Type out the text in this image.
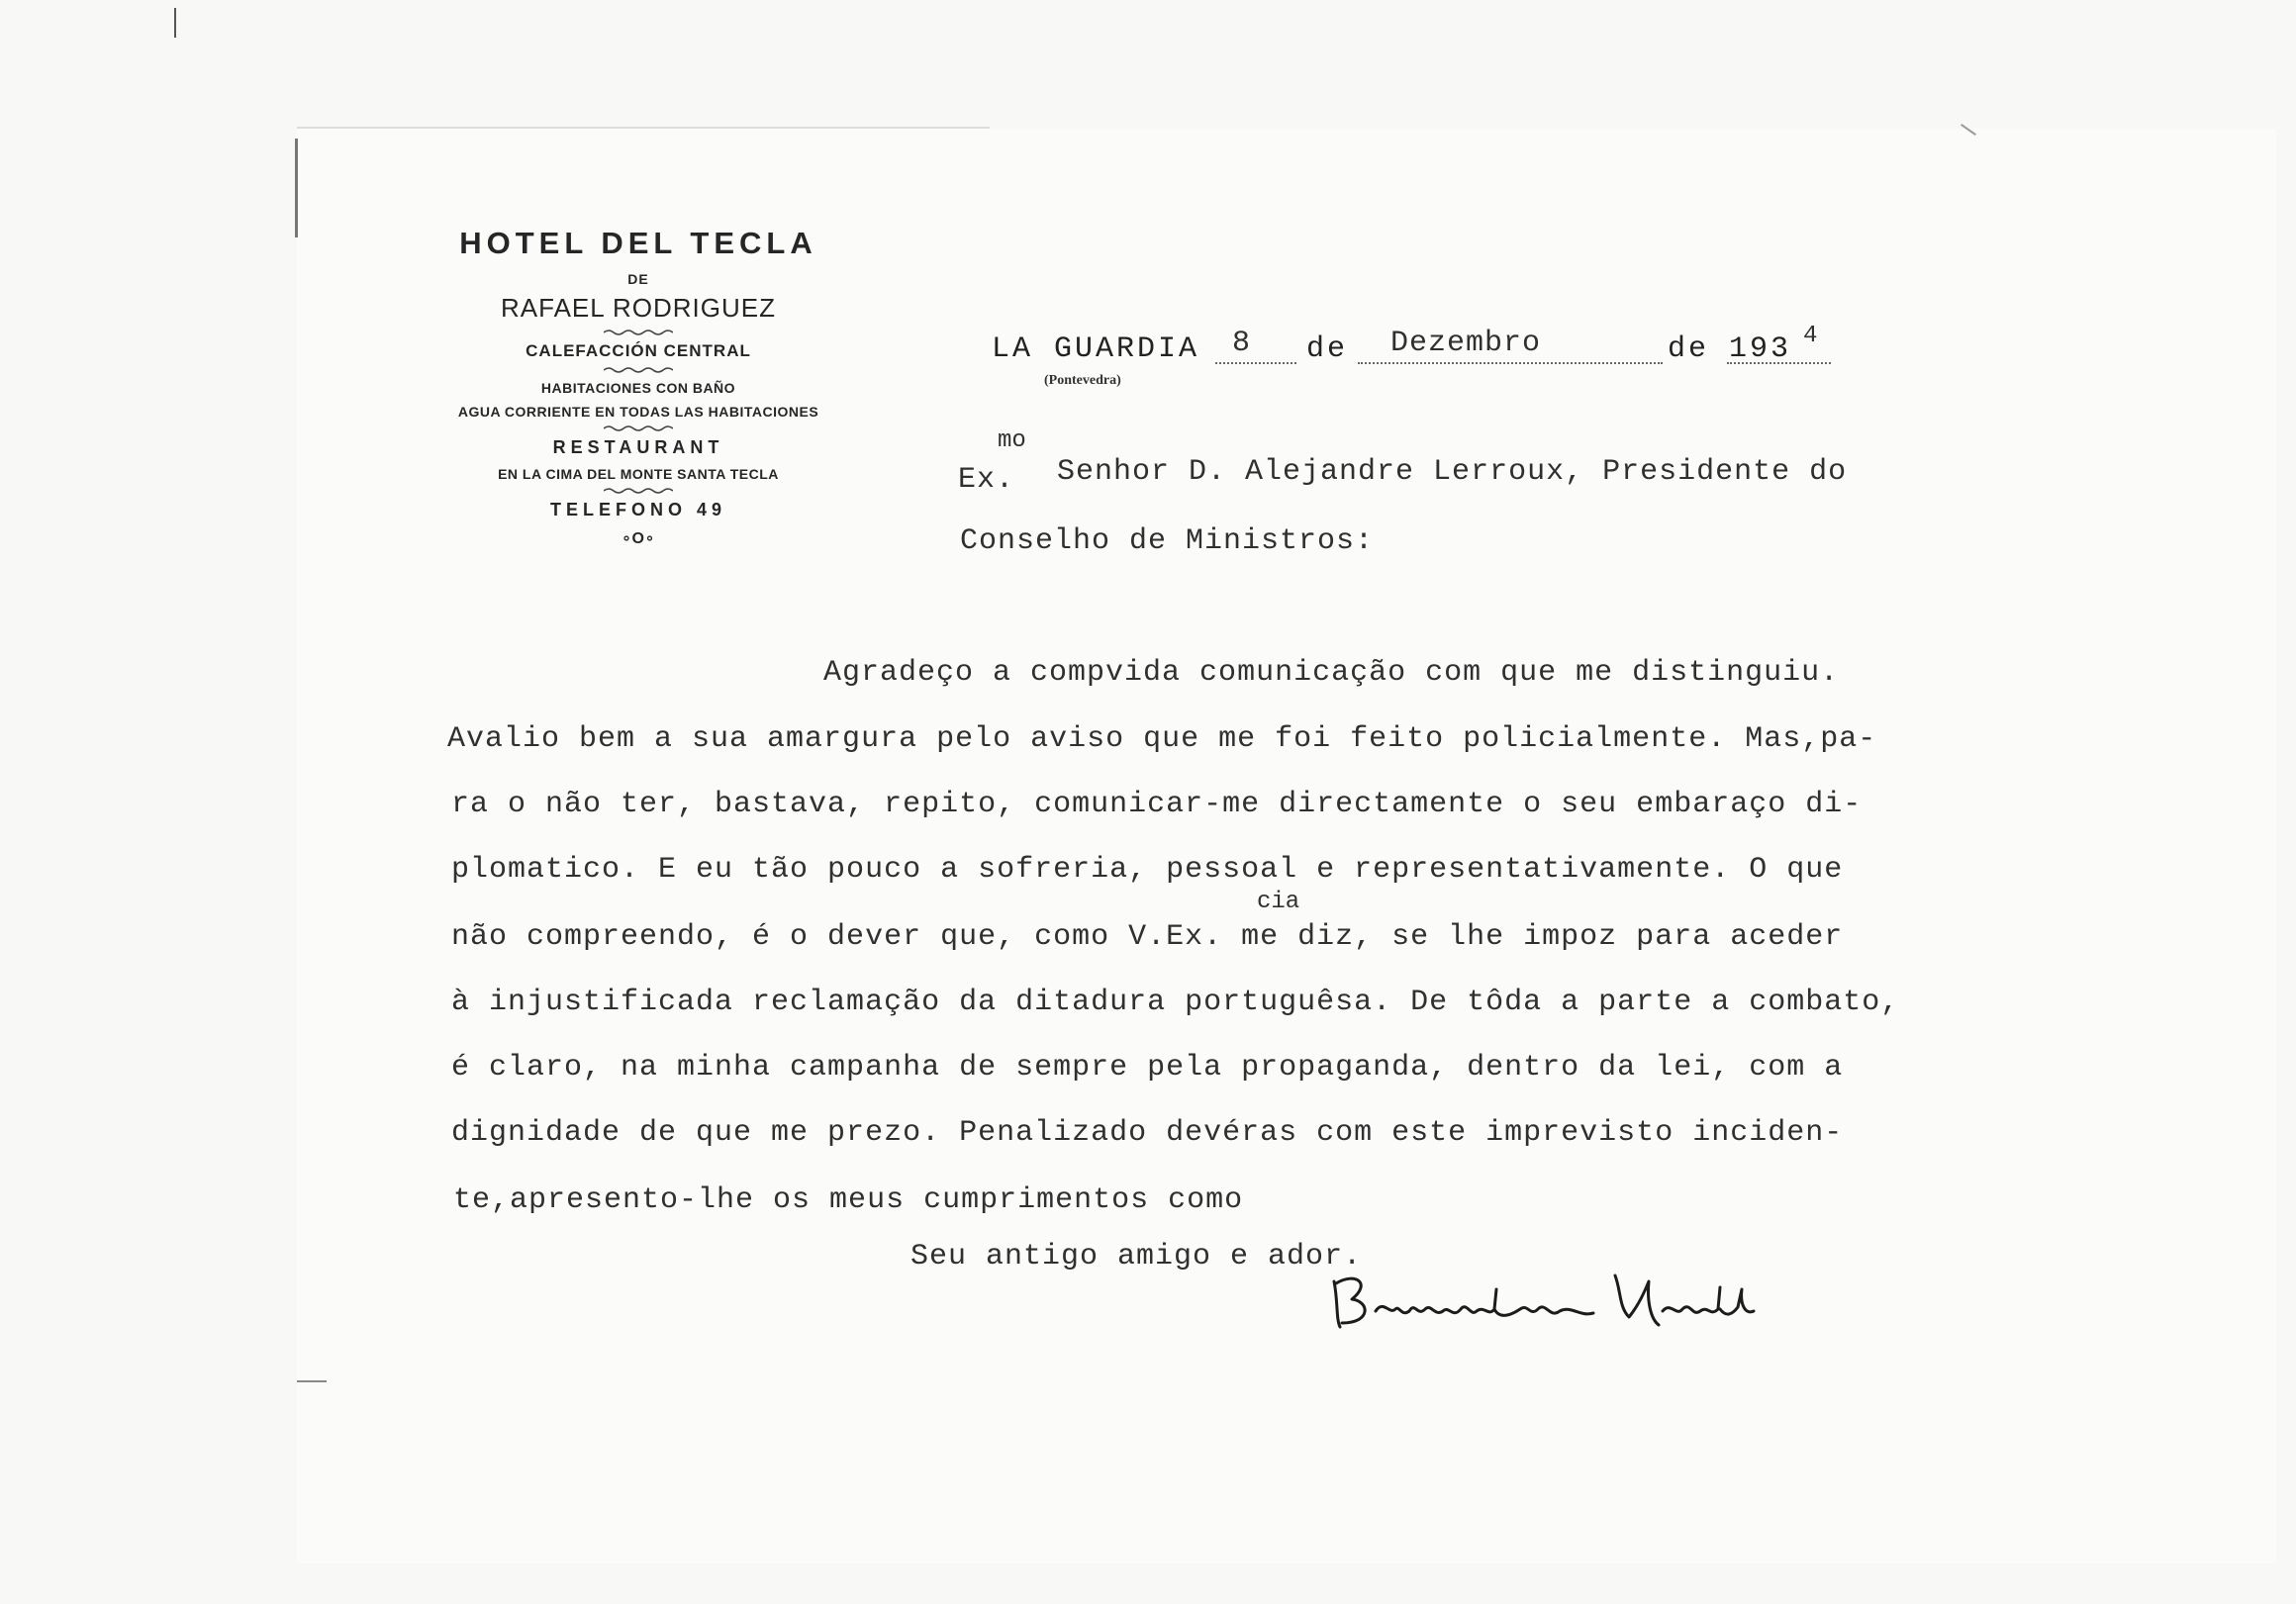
HOTEL DEL TECLA
DE
RAFAEL RODRIGUEZ
CALEFACCIÓN CENTRAL
HABITACIONES CON BAÑO
AGUA CORRIENTE EN TODAS LAS HABITACIONES
RESTAURANT
EN LA CIMA DEL MONTE SANTA TECLA
TELEFONO 49
∘O∘
LA GUARDIA
(Pontevedra)
8 de Dezembro	de 193 4
mo
Ex. Senhor D. Alejandre Lerroux, Presidente do
Conselho de Ministros:
Agradeço a compvida comunicação com que me distinguiu.
Avalio bem a sua amargura pelo aviso que me foi feito policialmente. Mas,pa-
ra o não ter, bastava, repito, comunicar-me directamente o seu embaraço di-
plomatico. E eu tão pouco a sofreria, pessoal e representativamente. O que
cia
não compreendo, é o dever que, como V.Ex. me diz, se lhe impoz para aceder
à injustificada reclamação da ditadura portuguêsa. De tôda a parte a combato,
é claro, na minha campanha de sempre pela propaganda, dentro da lei, com a
dignidade de que me prezo. Penalizado devéras com este imprevisto inciden-
te,apresento-lhe os meus cumprimentos como
Seu antigo amigo e ador.
